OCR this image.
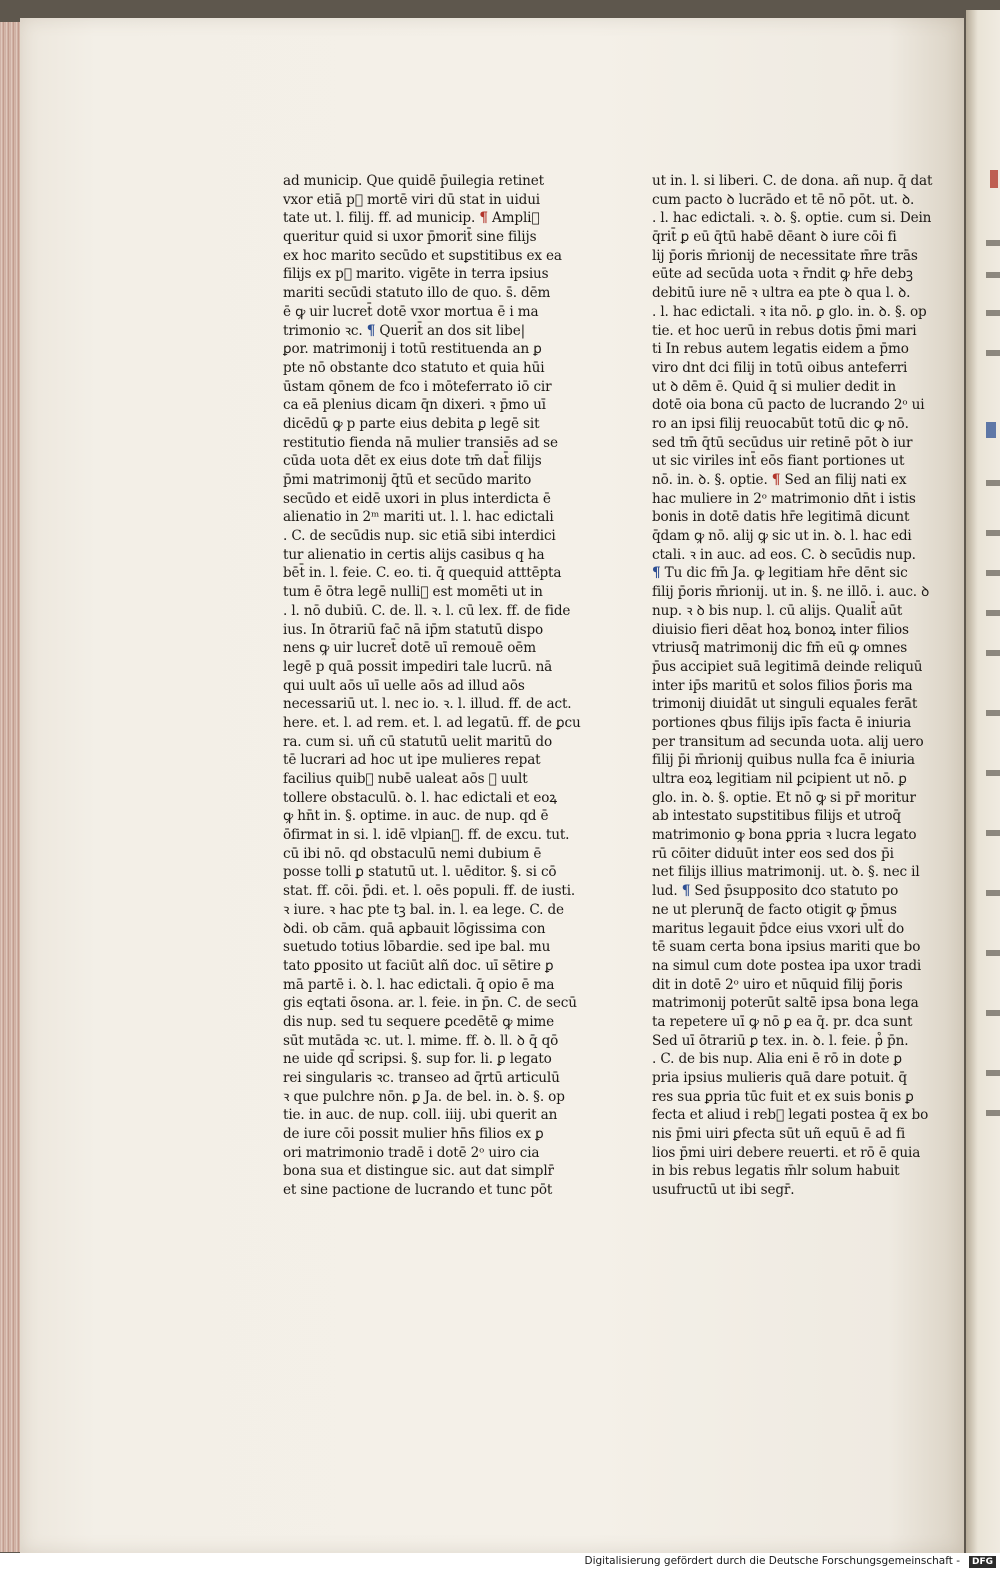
ad municip. Que quidē p̄uilegia retinet
vxor etiā p᷒ mortē viri dū stat in uidui
tate ut. l. filij. ff. ad municip. ¶ Ampli᷒
queritur quid si uxor p̄morit̄ sine filijs
ex hoc marito secūdo et suꝑstitibus ex ea
filijs ex p᷒ marito. vigēte in terra ipsius
mariti secūdi statuto illo de quo. s̄. dēm
ē ꝙ uir lucret̄ dotē vxor mortua ē i ma
trimonio ꝛc. ¶ Querit̄ an dos sit libe|
ꝑor. matrimonij i totū restituenda an ꝑ
pte nō obstante dco statuto et quia hūi
ūstam qōnem de fco i mōteferrato iō cir
ca eā plenius dicam q̄n dixeri. ꝛ p̄mo uī
dicēdū ꝙ p parte eius debita ꝑ legē sit
restitutio fienda nā mulier transiēs ad se
cūda uota dēt ex eius dote tm̄ dat̄ filijs
p̄mi matrimonij q̄tū et secūdo marito
secūdo et eidē uxori in plus interdicta ē
alienatio in 2ᵐ mariti ut. l. l. hac edictali
. C. de secūdis nup. sic etiā sibi interdici
tur alienatio in certis alijs casibus q ha
bēt̄ in. l. feie. C. eo. ti. q̄ quequid atttēpta
tum ē ōtra legē nulli᷒ est momēti ut in
. l. nō dubiū. C. de. ll. ꝛ. l. cū lex. ff. de fide
ius. In ōtrariū fac̄ nā ip̄m statutū dispo
nens ꝙ uir lucret̄ dotē uī remouē oēm
legē p quā possit impediri tale lucrū. nā
qui uult aōs uī uelle aōs ad illud aōs
necessariū ut. l. nec io. ꝛ. l. illud. ff. de act.
here. et. l. ad rem. et. l. ad legatū. ff. de ꝑcu
ra. cum si. uñ cū statutū uelit maritū do
tē lucrari ad hoc ut ipe mulieres repat
facilius quib᷒ nubē ualeat aōs ꝙ uult
tollere obstaculū. ꝺ. l. hac edictali et eoꝝ
ꝙ hn̄t in. §. optime. in auc. de nup. qd ē
ōfirmat in si. l. idē vlpian᷒. ff. de excu. tut.
cū ibi nō. qd obstaculū nemi dubium ē
posse tolli ꝑ statutū ut. l. uēditor. §. si cō
stat. ff. cōi. p̄di. et. l. oēs populi. ff. de iusti.
ꝛ iure. ꝛ hac pte tꝫ bal. in. l. ea lege. C. de
ꝺdi. ob cām. quā aꝑbauit lōgissima con
suetudo totius lōbardie. sed ipe bal. mu
tato ꝑposito ut faciūt alñ doc. uī sētire ꝑ
mā partē i. ꝺ. l. hac edictali. q̄ opio ē ma
gis eqtati ōsona. ar. l. feie. in p̄n. C. de secū
dis nup. sed tu sequere ꝑcedētē ꝙ mime
sūt mutāda ꝛc. ut. l. mime. ff. ꝺ. ll. ꝺ q̄ qō
ne uide qd̄ scripsi. §. sup for. li. ꝑ legato
rei singularis ꝛc. transeo ad q̄rtū articulū
ꝛ que pulchre nōn. ꝑ Ja. de bel. in. ꝺ. §. op
tie. in auc. de nup. coll. iiij. ubi querit an
de iure cōi possit mulier hn̄s filios ex ꝑ
ori matrimonio tradē i dotē 2ᵒ uiro cia
bona sua et distingue sic. aut dat simplr̄
et sine pactione de lucrando et tunc pōt
ut in. l. si liberi. C. de dona. añ nup. q̄ dat
cum pacto ꝺ lucrādo et tē nō pōt. ut. ꝺ.
. l. hac edictali. ꝛ. ꝺ. §. optie. cum si. Dein
q̄rit̄ ꝑ eū q̄tū habē dēant ꝺ iure cōi fi
lij p̄oris m̄rionij de necessitate m̄re trās
eūte ad secūda uota ꝛ r̄ndit ꝙ hr̄e debꝫ
debitū iure nē ꝛ ultra ea pte ꝺ qua l. ꝺ.
. l. hac edictali. ꝛ ita nō. ꝑ glo. in. ꝺ. §. op
tie. et hoc uerū in rebus dotis p̄mi mari
ti In rebus autem legatis eidem a p̄mo
viro dnt dci filij in totū oibus anteferri
ut ꝺ dēm ē. Quid q̄ si mulier dedit in
dotē oia bona cū pacto de lucrando 2ᵒ ui
ro an ipsi filij reuocabūt totū dic ꝙ nō.
sed tm̄ q̄tū secūdus uir retinē pōt ꝺ iur
ut sic viriles int̄ eōs fiant portiones ut
nō. in. ꝺ. §. optie. ¶ Sed an filij nati ex
hac muliere in 2ᵒ matrimonio dn̄t i istis
bonis in dotē datis hr̄e legitimā dicunt
q̄dam ꝙ nō. alij ꝙ sic ut in. ꝺ. l. hac edi
ctali. ꝛ in auc. ad eos. C. ꝺ secūdis nup.
¶ Tu dic fm̄ Ja. ꝙ legitiam hr̄e dēnt sic
filij p̄oris m̄rionij. ut in. §. ne illō. i. auc. ꝺ
nup. ꝛ ꝺ bis nup. l. cū alijs. Qualit̄ aūt
diuisio fieri dēat hoꝝ bonoꝝ inter filios
vtriusq̄ matrimonij dic fm̄ eū ꝙ omnes
p̄us accipiet suā legitimā deinde reliquū
inter ip̄s maritū et solos filios p̄oris ma
trimonij diuidāt ut singuli equales ferāt
portiones qbus filijs ipīs facta ē iniuria
per transitum ad secunda uota. alij uero
filij p̄i m̄rionij quibus nulla fca ē iniuria
ultra eoꝝ legitiam nil ꝑcipient ut nō. ꝑ
glo. in. ꝺ. §. optie. Et nō ꝙ si pr̄ moritur
ab intestato suꝑstitibus filijs et utroq̄
matrimonio ꝙ bona ꝑpria ꝛ lucra legato
rū cōiter diduūt inter eos sed dos p̄i
net filijs illius matrimonij. ut. ꝺ. §. nec il
lud. ¶ Sed p̄supposito dco statuto po
ne ut plerunq̄ de facto otigit ꝙ p̄mus
maritus legauit p̄dce eius vxori ult̄ do
tē suam certa bona ipsius mariti que bo
na simul cum dote postea ipa uxor tradi
dit in dotē 2ᵒ uiro et nūquid filij p̄oris
matrimonij poterūt saltē ipsa bona lega
ta repetere uī ꝙ nō ꝑ ea q̄. pr. dca sunt
Sed uī ōtrariū ꝑ tex. in. ꝺ. l. feie. p᷒ p̄n.
. C. de bis nup. Alia eni ē rō in dote ꝑ
pria ipsius mulieris quā dare potuit. q̄
res sua ꝑpria tūc fuit et ex suis bonis ꝑ
fecta et aliud i reb᷒ legati postea q̄ ex bo
nis p̄mi uiri ꝑfecta sūt uñ equū ē ad fi
lios p̄mi uiri debere reuerti. et rō ē quia
in bis rebus legatis m̄lr solum habuit
usufructū ut ibi segr̄.
Digitalisierung gefördert durch die Deutsche Forschungsgemeinschaft -	DFG
